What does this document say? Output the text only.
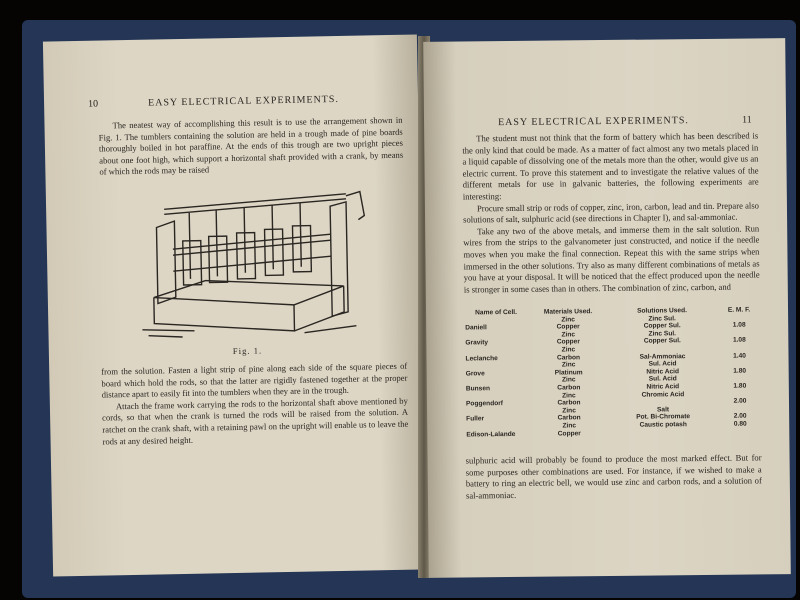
10	EASY ELECTRICAL EXPERIMENTS.

The neatest way of accomplishing this result is to use the arrangement shown in Fig. 1. The tumblers containing the solution are held in a trough made of pine boards thoroughly boiled in hot paraffine. At the ends of this trough are two upright pieces about one foot high, which support a horizontal shaft provided with a crank, by means of which the rods may be raised

Fig. 1.

from the solution. Fasten a light strip of pine along each side of the square pieces of board which hold the rods, so that the latter are rigidly fastened together at the proper distance apart to easily fit into the tumblers when they are in the trough.

Attach the frame work carrying the rods to the horizontal shaft above mentioned by cords, so that when the crank is turned the rods will be raised from the solution. A ratchet on the crank shaft, with a retaining pawl on the upright will enable us to leave the rods at any desired height.

EASY ELECTRICAL EXPERIMENTS.	11

The student must not think that the form of battery which has been described is the only kind that could be made. As a matter of fact almost any two metals placed in a liquid capable of dissolving one of the metals more than the other, would give us an electric current. To prove this statement and to investigate the relative values of the different metals for use in galvanic batteries, the following experiments are interesting:

Procure small strip or rods of copper, zinc, iron, carbon, lead and tin. Prepare also solutions of salt, sulphuric acid (see directions in Chapter I), and sal-ammoniac.

Take any two of the above metals, and immerse them in the salt solution. Run wires from the strips to the galvanometer just constructed, and notice if the needle moves when you make the final connection. Repeat this with the same strips when immersed in the other solutions. Try also as many different combinations of metals as you have at your disposal. It will be noticed that the effect produced upon the needle is stronger in some cases than in others. The combination of zinc, carbon, and

Name of Cell.	Materials Used.	Solutions Used.	E. M. F.
	Zinc	Zinc Sul.	
Daniell	Copper	Copper Sul.	1.08
	Zinc	Zinc Sul.	
Gravity	Copper	Copper Sul.	1.08
	Zinc		
Leclanche	Carbon	Sal-Ammoniac	1.40
	Zinc	Sul. Acid	
Grove	Platinum	Nitric Acid	1.80
	Zinc	Sul. Acid	
Bunsen	Carbon	Nitric Acid	1.80
	Zinc	Chromic Acid	
Poggendorf	Carbon		2.00
	Zinc	Salt	
Fuller	Carbon	Pot. Bi-Chromate	2.00
	Zinc	Caustic potash	0.80
Edison-Lalande	Copper		

sulphuric acid will probably be found to produce the most marked effect. But for some purposes other combinations are used. For instance, if we wished to make a battery to ring an electric bell, we would use zinc and carbon rods, and a solution of sal-ammoniac.
